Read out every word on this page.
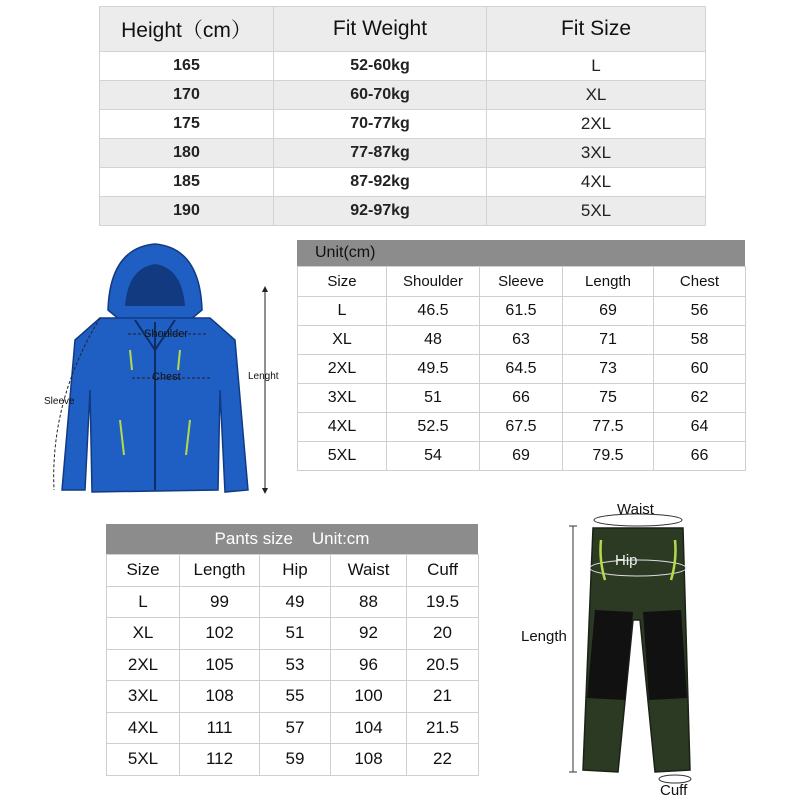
Height（cm）	Fit Weight	Fit Size
165	52-60kg	L
170	60-70kg	XL
175	70-77kg	2XL
180	77-87kg	3XL
185	87-92kg	4XL
190	92-97kg	5XL
Shoulder
Chest
Sleeve
Lenght
Unit(cm)
Size	Shoulder	Sleeve	Length	Chest
L	46.5	61.5	69	56
XL	48	63	71	58
2XL	49.5	64.5	73	60
3XL	51	66	75	62
4XL	52.5	67.5	77.5	64
5XL	54	69	79.5	66
Pants size    Unit:cm
Size	Length	Hip	Waist	Cuff
L	99	49	88	19.5
XL	102	51	92	20
2XL	105	53	96	20.5
3XL	108	55	100	21
4XL	111	57	104	21.5
5XL	112	59	108	22
Waist
Hip
Length
Cuff
